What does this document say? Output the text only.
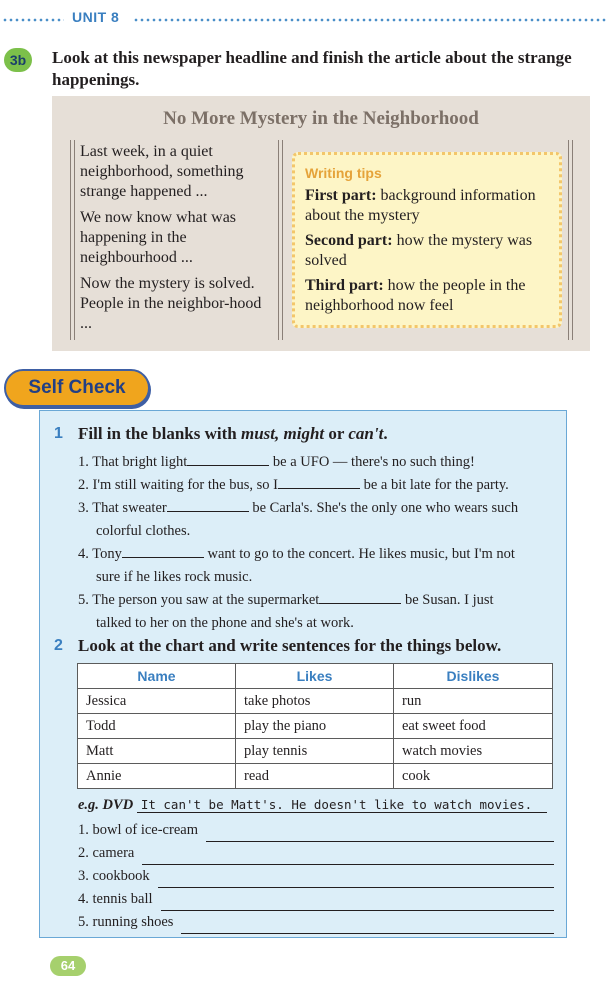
UNIT 8
3b	Look at this newspaper headline and finish the article about the strange happenings.
No More Mystery in the Neighborhood

Last week, in a quiet neighborhood, something strange happened ...

We now know what was happening in the neighbourhood ...

Now the mystery is solved. People in the neighbor-hood ...

Writing tips
First part: background information about the mystery
Second part: how the mystery was solved
Third part: how the people in the neighborhood now feel
1 Fill in the blanks with must, might or can't.
1. That bright light	be a UFO — there's no such thing!
2. I'm still waiting for the bus, so I	be a bit late for the party.
3. That sweater	be Carla's. She's the only one who wears such
colorful clothes.
4. Tony	want to go to the concert. He likes music, but I'm not
sure if he likes rock music.
5. The person you saw at the supermarket	be Susan. I just
talked to her on the phone and she's at work.
2 Look at the chart and write sentences for the things below.
Name	Likes	Dislikes
Jessica	take photos	run
Todd	play the piano	eat sweet food
Matt	play tennis	watch movies
Annie	read	cook
e.g. DVD It can't be Matt's. He doesn't like to watch movies.
1. bowl of ice-cream
2. camera
3. cookbook
4. tennis ball
5. running shoes
Self Check
64
